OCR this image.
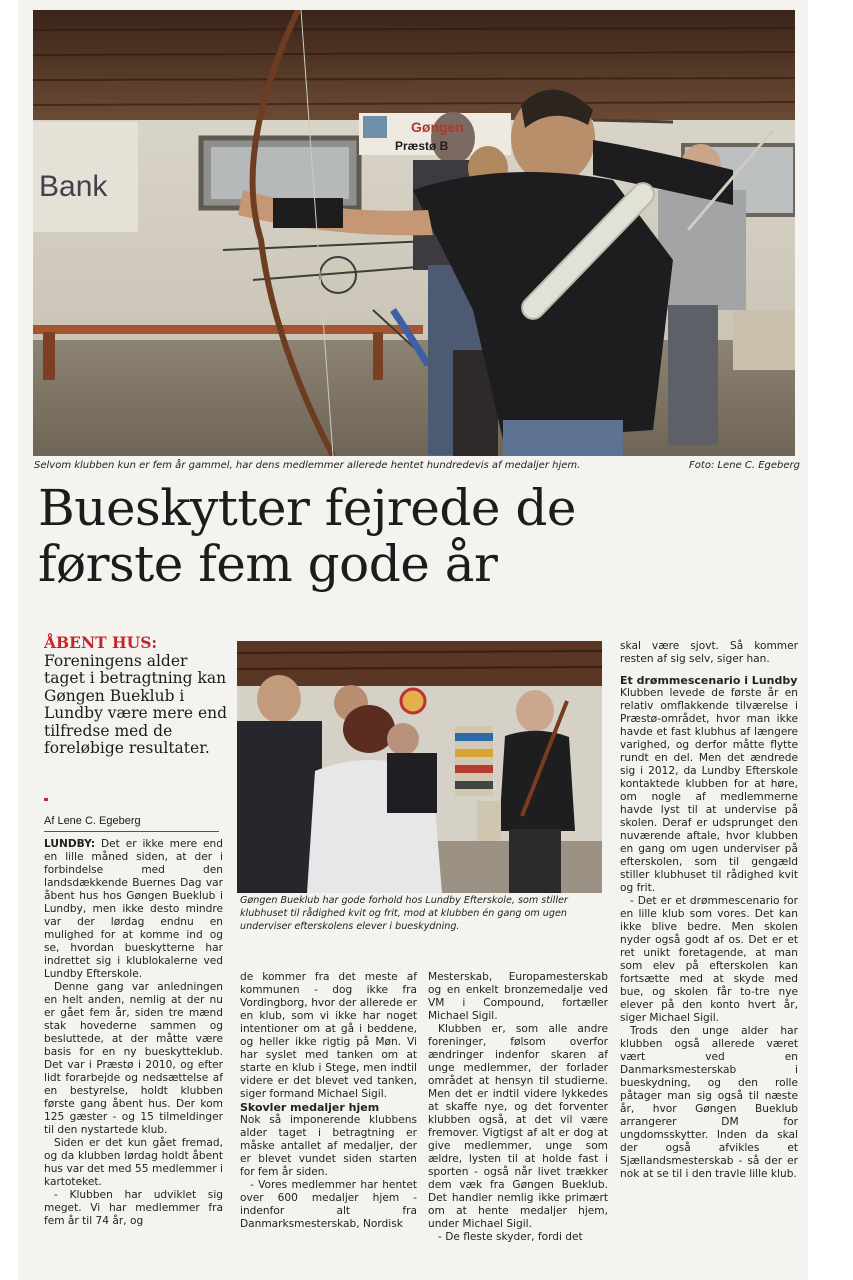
Bank
Gøngen
Præstø B
Selvom klubben kun er fem år gammel, har dens medlemmer allerede hentet hundredevis af medaljer hjem.	Foto: Lene C. Egeberg
Bueskytter fejrede de
første fem gode år
ÅBENT HUS: Foreningens alder taget i betragtning kan Gøngen Bueklub i Lundby være mere end tilfredse med de foreløbige resultater.
Af Lene C. Egeberg
Gøngen Bueklub har gode forhold hos Lundby Efterskole, som stiller klubhuset til rådighed kvit og frit, mod at klubben én gang om ugen underviser efterskolens elever i bueskydning.

LUNDBY: Det er ikke mere end en lille måned siden, at der i forbindelse med den landsdækkende Buernes Dag var åbent hus hos Gøngen Bueklub i Lundby, men ikke desto mindre var der lørdag endnu en mulighed for at komme ind og se, hvordan bueskytterne har indrettet sig i klublokalerne ved Lundby Efterskole.

Denne gang var anledningen en helt anden, nemlig at der nu er gået fem år, siden tre mænd stak hovederne sammen og besluttede, at der måtte være basis for en ny bueskytteklub. Det var i Præstø i 2010, og efter lidt forarbejde og nedsættelse af en bestyrelse, holdt klubben første gang åbent hus. Der kom 125 gæster - og 15 tilmeldinger til den nystartede klub.

Siden er det kun gået fremad, og da klubben lørdag holdt åbent hus var det med 55 medlemmer i kartoteket.

- Klubben har udviklet sig meget. Vi har medlemmer fra fem år til 74 år, og

de kommer fra det meste af kommunen - dog ikke fra Vordingborg, hvor der allerede er en klub, som vi ikke har noget intentioner om at gå i beddene, og heller ikke rigtig på Møn. Vi har syslet med tanken om at starte en klub i Stege, men indtil videre er det blevet ved tanken, siger formand Michael Sigil.

Skovler medaljer hjem

Nok så imponerende klubbens alder taget i betragtning er måske antallet af medaljer, der er blevet vundet siden starten for fem år siden.

- Vores medlemmer har hentet over 600 medaljer hjem - indenfor alt fra Danmarksmesterskab, Nordisk

Mesterskab, Europamesterskab og en enkelt bronzemedalje ved VM i Compound, fortæller Michael Sigil.

Klubben er, som alle andre foreninger, følsom overfor ændringer indenfor skaren af unge medlemmer, der forlader området at hensyn til studierne. Men det er indtil videre lykkedes at skaffe nye, og det forventer klubben også, at det vil være fremover. Vigtigst af alt er dog at give medlemmer, unge som ældre, lysten til at holde fast i sporten - også når livet trækker dem væk fra Gøngen Bueklub. Det handler nemlig ikke primært om at hente medaljer hjem, under Michael Sigil.

- De fleste skyder, fordi det

skal være sjovt. Så kommer resten af sig selv, siger han.

Et drømmescenario i Lundby

Klubben levede de første år en relativ omflakkende tilværelse i Præstø-området, hvor man ikke havde et fast klubhus af længere varighed, og derfor måtte flytte rundt en del. Men det ændrede sig i 2012, da Lundby Efterskole kontaktede klubben for at høre, om nogle af medlemmerne havde lyst til at undervise på skolen. Deraf er udsprunget den nuværende aftale, hvor klubben en gang om ugen underviser på efterskolen, som til gengæld stiller klubhuset til rådighed kvit og frit.

- Det er et drømmescenario for en lille klub som vores. Det kan ikke blive bedre. Men skolen nyder også godt af os. Det er et ret unikt foretagende, at man som elev på efterskolen kan fortsætte med at skyde med bue, og skolen får to-tre nye elever på den konto hvert år, siger Michael Sigil.

Trods den unge alder har klubben også allerede været vært ved en Danmarksmesterskab i bueskydning, og den rolle påtager man sig også til næste år, hvor Gøngen Bueklub arrangerer DM for ungdomsskytter. Inden da skal der også afvikles et Sjællandsmesterskab - så der er nok at se til i den travle lille klub.
